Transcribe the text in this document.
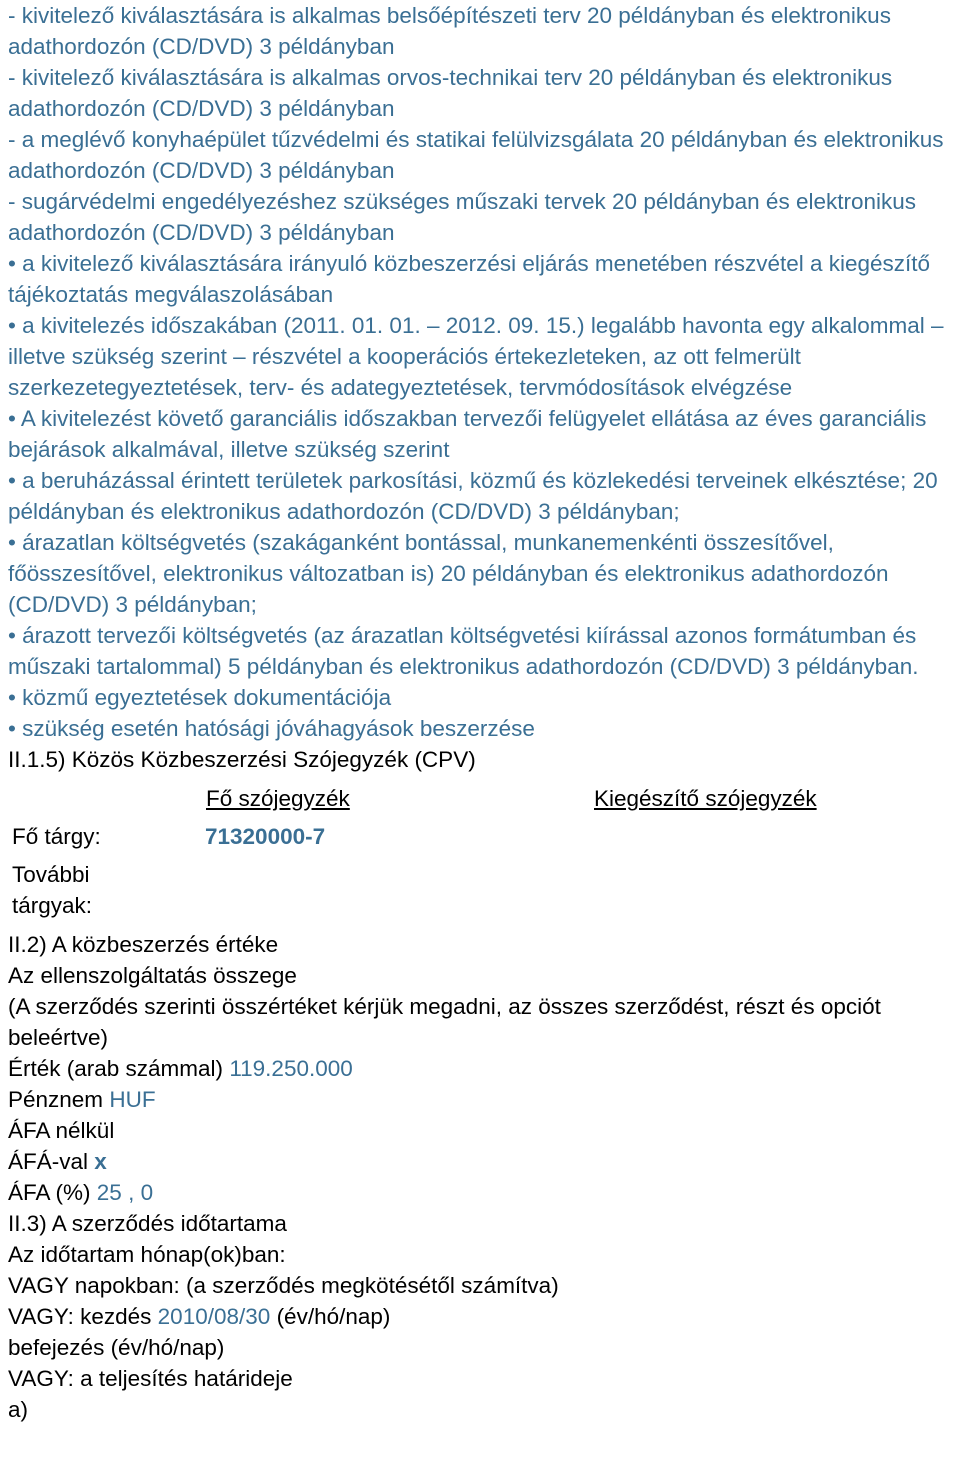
- kivitelező kiválasztására is alkalmas belsőépítészeti terv 20 példányban és elektronikus adathordozón (CD/DVD) 3 példányban
- kivitelező kiválasztására is alkalmas orvos-technikai terv 20 példányban és elektronikus adathordozón (CD/DVD) 3 példányban
- a meglévő konyhaépület tűzvédelmi és statikai felülvizsgálata 20 példányban és elektronikus adathordozón (CD/DVD) 3 példányban
- sugárvédelmi engedélyezéshez szükséges műszaki tervek 20 példányban és elektronikus adathordozón (CD/DVD) 3 példányban
• a kivitelező kiválasztására irányuló közbeszerzési eljárás menetében részvétel a kiegészítő tájékoztatás megválaszolásában
• a kivitelezés időszakában (2011. 01. 01. – 2012. 09. 15.) legalább havonta egy alkalommal – illetve szükség szerint – részvétel a kooperációs értekezleteken, az ott felmerült szerkezetegyeztetések, terv- és adategyeztetések, tervmódosítások elvégzése
• A kivitelezést követő garanciális időszakban tervezői felügyelet ellátása az éves garanciális bejárások alkalmával, illetve szükség szerint
• a beruházással érintett területek parkosítási, közmű és közlekedési terveinek elkésztése; 20 példányban és elektronikus adathordozón (CD/DVD) 3 példányban;
• árazatlan költségvetés (szakáganként bontással, munkanemenkénti összesítővel, főösszesítővel, elektronikus változatban is) 20 példányban és elektronikus adathordozón (CD/DVD) 3 példányban;
• árazott tervezői költségvetés (az árazatlan költségvetési kiírással azonos formátumban és műszaki tartalommal) 5 példányban és elektronikus adathordozón (CD/DVD) 3 példányban.
• közmű egyeztetések dokumentációja
• szükség esetén hatósági jóváhagyások beszerzése
II.1.5) Közös Közbeszerzési Szójegyzék (CPV)
Fő szójegyzék	Kiegészítő szójegyzék
Fő tárgy:	71320000-7
További tárgyak:
II.2) A közbeszerzés értéke
Az ellenszolgáltatás összege
(A szerződés szerinti összértéket kérjük megadni, az összes szerződést, részt és opciót beleértve)
Érték (arab számmal) 119.250.000
Pénznem HUF
ÁFA nélkül
ÁFÁ-val x
ÁFA (%) 25 , 0
II.3) A szerződés időtartama
Az időtartam hónap(ok)ban:
VAGY napokban: (a szerződés megkötésétől számítva)
VAGY: kezdés 2010/08/30 (év/hó/nap)
befejezés (év/hó/nap)
VAGY: a teljesítés határideje
a)
